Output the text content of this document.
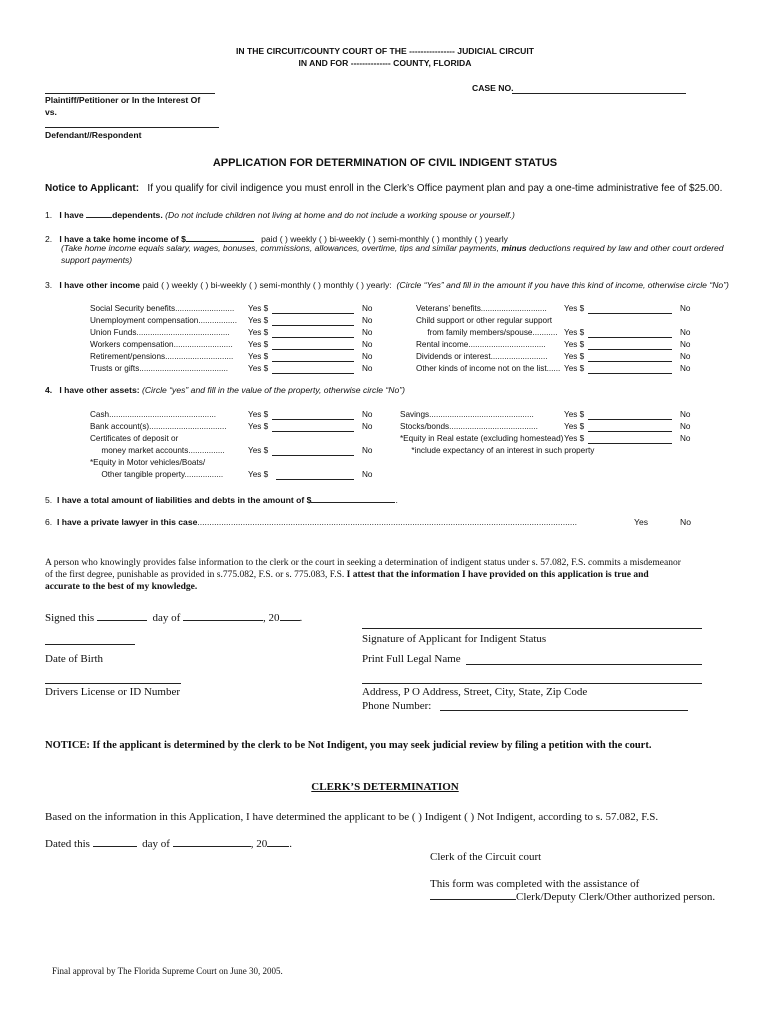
IN THE CIRCUIT/COUNTY COURT OF THE ---------------- JUDICIAL CIRCUIT
IN AND FOR -------------- COUNTY, FLORIDA
CASE NO.
Plaintiff/Petitioner or In the Interest Of
vs.
Defendant//Respondent
APPLICATION FOR DETERMINATION OF CIVIL INDIGENT STATUS
Notice to Applicant: If you qualify for civil indigence you must enroll in the Clerk’s Office payment plan and pay a one-time administrative fee of $25.00.
1. I have	dependents. (Do not include children not living at home and do not include a working spouse or yourself.)
2. I have a take home income of $	paid ( ) weekly ( ) bi-weekly ( ) semi-monthly ( ) monthly ( ) yearly
(Take home income equals salary, wages, bonuses, commissions, allowances, overtime, tips and similar payments, minus deductions required by law and other court ordered
support payments)
3. I have other income paid ( ) weekly ( ) bi-weekly ( ) semi-monthly ( ) monthly ( ) yearly: (Circle “Yes” and fill in the amount if you have this kind of income, otherwise circle “No”)
Social Security benefits.......................... Yes $	No
Unemployment compensation................. Yes $	No
Union Funds......................................... Yes $	No
Workers compensation.......................... Yes $	No
Retirement/pensions.............................. Yes $	No
Trusts or gifts....................................... Yes $	No
Veterans’ benefits............................. Yes $	No
Child support or other regular support
from family members/spouse........... Yes $	No
Rental income.................................. Yes $	No
Dividends or interest......................... Yes $	No
Other kinds of income not on the list...... Yes $	No
4. I have other assets: (Circle “yes” and fill in the value of the property, otherwise circle “No”)
Cash...............................................	Yes $	No
Bank account(s)..................................	Yes $	No
Certificates of deposit or
money market accounts................	Yes $	No
*Equity in Motor vehicles/Boats/
Other tangible property.................	Yes $	No
Savings..............................................	Yes $	No
Stocks/bonds.......................................	Yes $	No
*Equity in Real estate (excluding homestead) Yes $	No
*include expectancy of an interest in such property
5. I have a total amount of liabilities and debts in the amount of $	.
6. I have a private lawyer in this case...............................................................................................................................................................	Yes	No
A person who knowingly provides false information to the clerk or the court in seeking a determination of indigent status under s. 57.082, F.S. commits a misdemeanor
of the first degree, punishable as provided in s.775.082, F.S. or s. 775.083, F.S. I attest that the information I have provided on this application is true and
accurate to the best of my knowledge.
Signed this	day of	, 20 .
Signature of Applicant for Indigent Status
Date of Birth	Print Full Legal Name
Drivers License or ID Number	Address, P O Address, Street, City, State, Zip Code
Phone Number:
NOTICE: If the applicant is determined by the clerk to be Not Indigent, you may seek judicial review by filing a petition with the court.
CLERK’S DETERMINATION
Based on the information in this Application, I have determined the applicant to be ( ) Indigent ( ) Not Indigent, according to s. 57.082, F.S.
Dated this	day of	, 20 .
Clerk of the Circuit court
This form was completed with the assistance of
Clerk/Deputy Clerk/Other authorized person.
Final approval by The Florida Supreme Court on June 30, 2005.
